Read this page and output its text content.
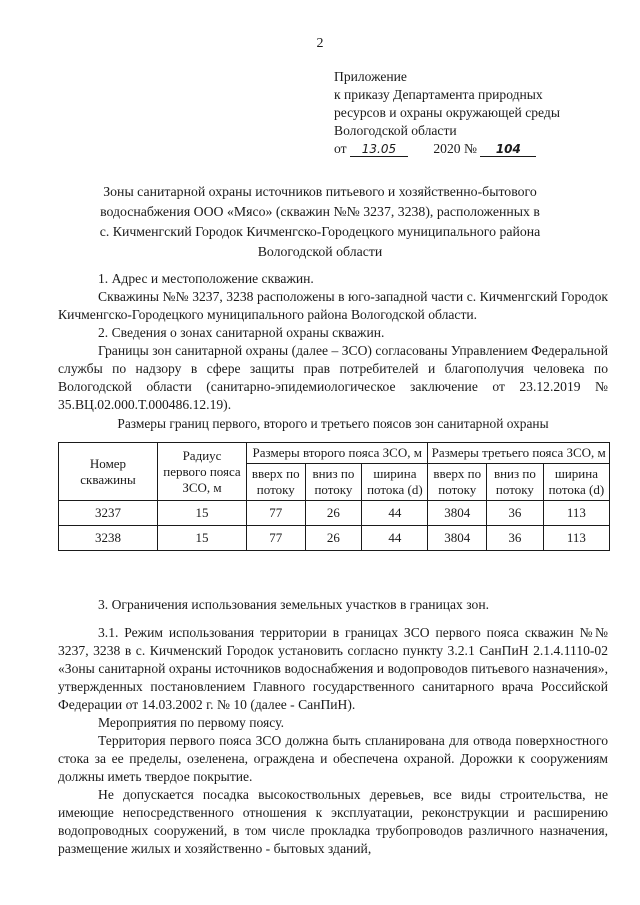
2
Приложение
к приказу Департамента природных
ресурсов и охраны окружающей среды
Вологодской области
от 13.05	2020 № 104
Зоны санитарной охраны источников питьевого и хозяйственно-бытового
водоснабжения ООО «Мясо» (скважин №№ 3237, 3238), расположенных в
с. Кичменгский Городок Кичменгско-Городецкого муниципального района
Вологодской области

1. Адрес и местоположение скважин.

Скважины №№ 3237, 3238 расположены в юго-западной части с. Кичменгский Городок Кичменгско-Городецкого муниципального района Вологодской области.

2. Сведения о зонах санитарной охраны скважин.

Границы зон санитарной охраны (далее – ЗСО) согласованы Управлением Федеральной службы по надзору в сфере защиты прав потребителей и благополучия человека по Вологодской области (санитарно-эпидемиологическое заключение от 23.12.2019 № 35.ВЦ.02.000.Т.000486.12.19).

Размеры границ первого, второго и третьего поясов зон санитарной охраны
Номер скважины	Радиус первого пояса ЗСО, м	Размеры второго пояса ЗСО, м			Размеры третьего пояса ЗСО, м		
		вверх по потоку	вниз по потоку	ширина потока (d)	вверх по потоку	вниз по потоку	ширина потока (d)
3237	15	77	26	44	3804	36	113
3238	15	77	26	44	3804	36	113

3. Ограничения использования земельных участков в границах зон.

3.1. Режим использования территории в границах ЗСО первого пояса скважин №№ 3237, 3238 в с. Кичменский Городок установить согласно пункту 3.2.1 СанПиН 2.1.4.1110-02 «Зоны санитарной охраны источников водоснабжения и водопроводов питьевого назначения», утвержденных постановлением Главного государственного санитарного врача Российской Федерации от 14.03.2002 г. № 10 (далее - СанПиН).

Мероприятия по первому поясу.

Территория первого пояса ЗСО должна быть спланирована для отвода поверхностного стока за ее пределы, озеленена, ограждена и обеспечена охраной. Дорожки к сооружениям должны иметь твердое покрытие.

Не допускается посадка высокоствольных деревьев, все виды строительства, не имеющие непосредственного отношения к эксплуатации, реконструкции и расширению водопроводных сооружений, в том числе прокладка трубопроводов различного назначения, размещение жилых и хозяйственно - бытовых зданий,
